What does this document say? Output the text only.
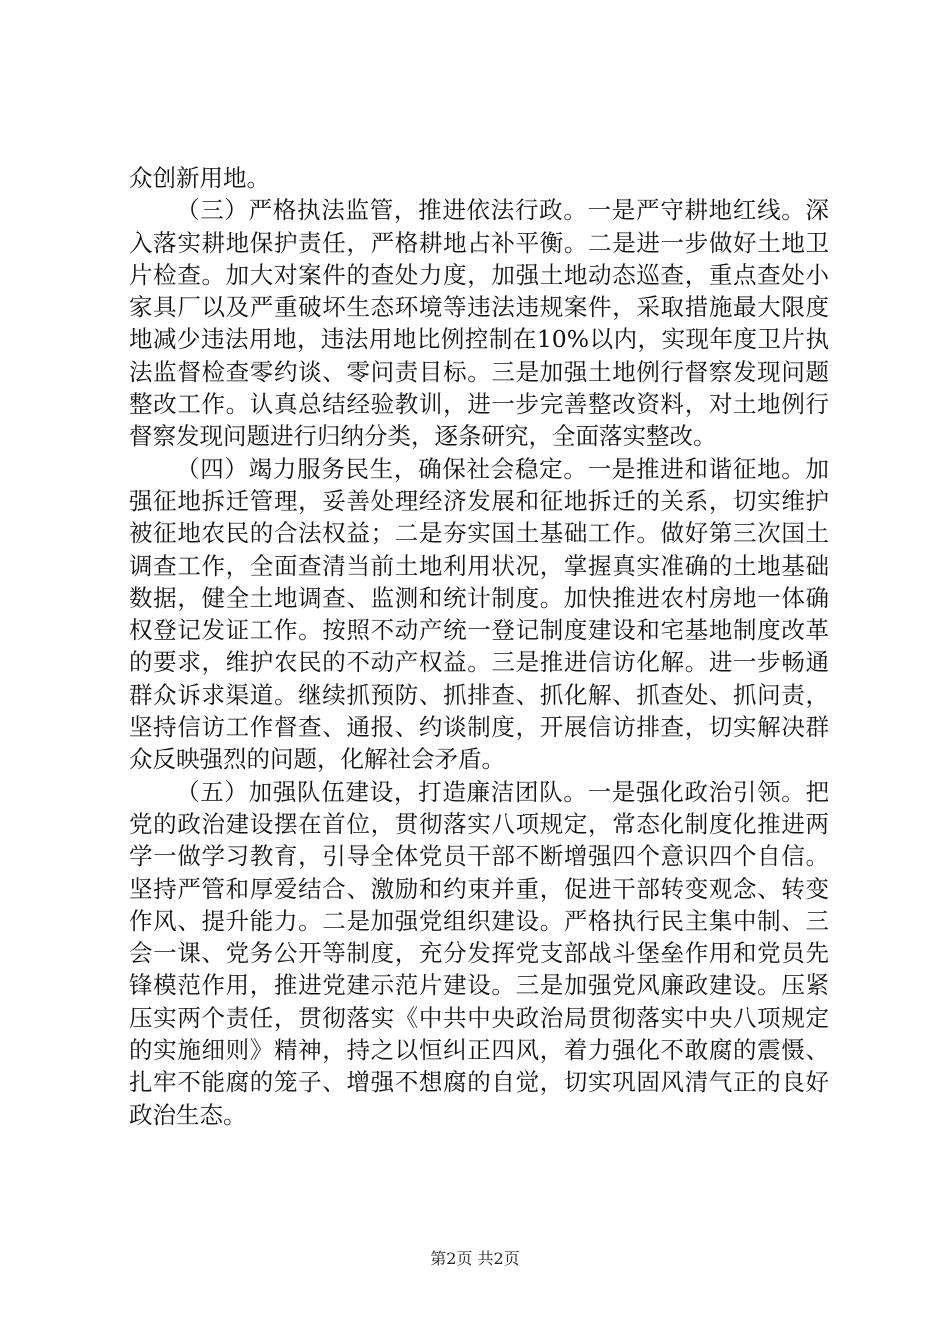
众创新用地。

（三）严格执法监管，推进依法行政。一是严守耕地红线。深入落实耕地保护责任，严格耕地占补平衡。二是进一步做好土地卫片检查。加大对案件的查处力度，加强土地动态巡查，重点查处小家具厂以及严重破坏生态环境等违法违规案件，采取措施最大限度地减少违法用地，违法用地比例控制在10%以内，实现年度卫片执法监督检查零约谈、零问责目标。三是加强土地例行督察发现问题整改工作。认真总结经验教训，进一步完善整改资料，对土地例行督察发现问题进行归纳分类，逐条研究，全面落实整改。

（四）竭力服务民生，确保社会稳定。一是推进和谐征地。加强征地拆迁管理，妥善处理经济发展和征地拆迁的关系，切实维护被征地农民的合法权益；二是夯实国土基础工作。做好第三次国土调查工作，全面查清当前土地利用状况，掌握真实准确的土地基础数据，健全土地调查、监测和统计制度。加快推进农村房地一体确权登记发证工作。按照不动产统一登记制度建设和宅基地制度改革的要求，维护农民的不动产权益。三是推进信访化解。进一步畅通群众诉求渠道。继续抓预防、抓排查、抓化解、抓查处、抓问责，坚持信访工作督查、通报、约谈制度，开展信访排查，切实解决群众反映强烈的问题，化解社会矛盾。

（五）加强队伍建设，打造廉洁团队。一是强化政治引领。把党的政治建设摆在首位，贯彻落实八项规定，常态化制度化推进两学一做学习教育，引导全体党员干部不断增强四个意识四个自信。坚持严管和厚爱结合、激励和约束并重，促进干部转变观念、转变作风、提升能力。二是加强党组织建设。严格执行民主集中制、三会一课、党务公开等制度，充分发挥党支部战斗堡垒作用和党员先锋模范作用，推进党建示范片建设。三是加强党风廉政建设。压紧压实两个责任，贯彻落实《中共中央政治局贯彻落实中央八项规定的实施细则》精神，持之以恒纠正四风，着力强化不敢腐的震慑、扎牢不能腐的笼子、增强不想腐的自觉，切实巩固风清气正的良好政治生态。

第2页 共2页
